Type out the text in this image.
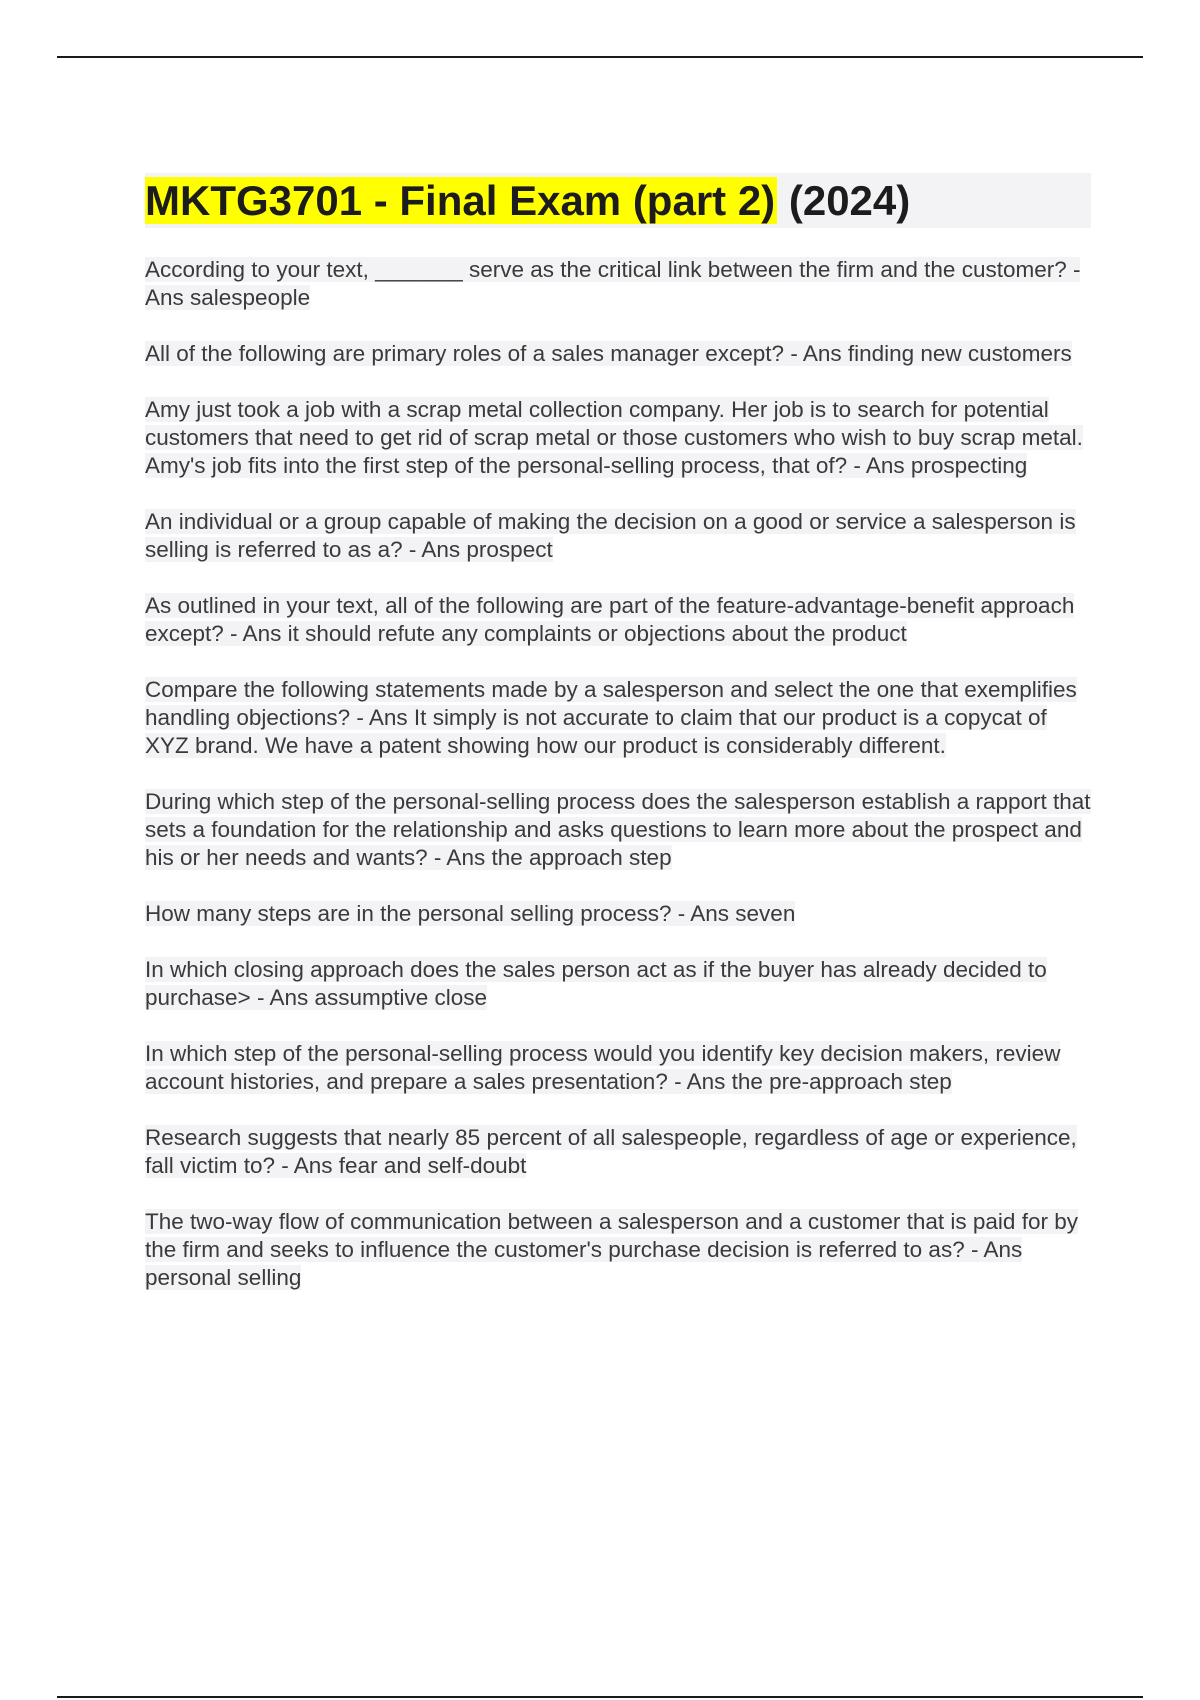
MKTG3701 - Final Exam (part 2) (2024)

According to your text, _______ serve as the critical link between the firm and the customer? - Ans salespeople

All of the following are primary roles of a sales manager except? - Ans finding new customers

Amy just took a job with a scrap metal collection company. Her job is to search for potential customers that need to get rid of scrap metal or those customers who wish to buy scrap metal. Amy's job fits into the first step of the personal-selling process, that of? - Ans prospecting

An individual or a group capable of making the decision on a good or service a salesperson is selling is referred to as a? - Ans prospect

As outlined in your text, all of the following are part of the feature-advantage-benefit approach except? - Ans it should refute any complaints or objections about the product

Compare the following statements made by a salesperson and select the one that exemplifies handling objections? - Ans It simply is not accurate to claim that our product is a copycat of XYZ brand. We have a patent showing how our product is considerably different.

During which step of the personal-selling process does the salesperson establish a rapport that sets a foundation for the relationship and asks questions to learn more about the prospect and his or her needs and wants? - Ans the approach step

How many steps are in the personal selling process? - Ans seven

In which closing approach does the sales person act as if the buyer has already decided to purchase> - Ans assumptive close

In which step of the personal-selling process would you identify key decision makers, review account histories, and prepare a sales presentation? - Ans the pre-approach step

Research suggests that nearly 85 percent of all salespeople, regardless of age or experience, fall victim to? - Ans fear and self-doubt

The two-way flow of communication between a salesperson and a customer that is paid for by the firm and seeks to influence the customer's purchase decision is referred to as? - Ans personal selling
